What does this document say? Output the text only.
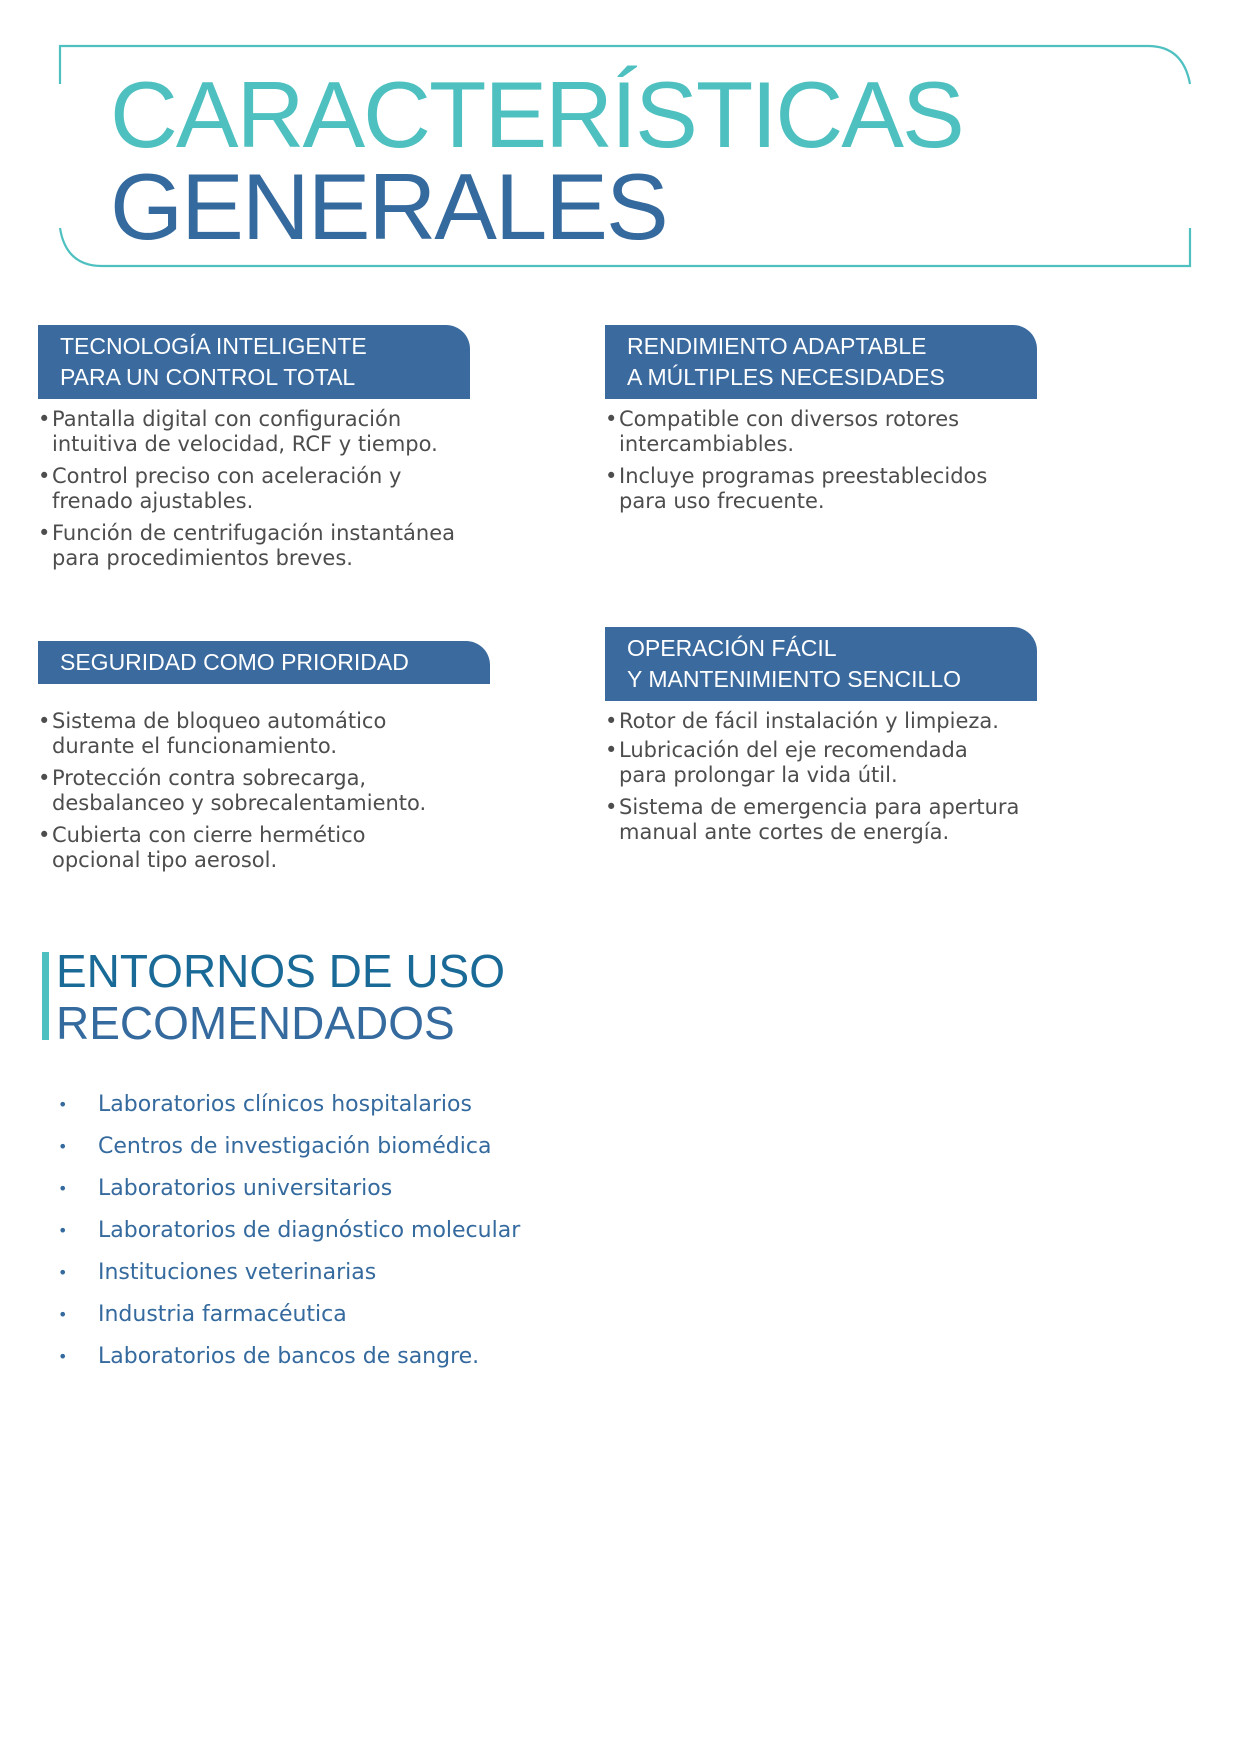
CARACTERÍSTICAS
GENERALES
TECNOLOGÍA INTELIGENTE
PARA UN CONTROL TOTAL
• Pantalla digital con configuración
intuitiva de velocidad, RCF y tiempo.
• Control preciso con aceleración y
frenado ajustables.
• Función de centrifugación instantánea
para procedimientos breves.
RENDIMIENTO ADAPTABLE
A MÚLTIPLES NECESIDADES
• Compatible con diversos rotores
intercambiables.
• Incluye programas preestablecidos
para uso frecuente.
SEGURIDAD COMO PRIORIDAD
• Sistema de bloqueo automático
durante el funcionamiento.
• Protección contra sobrecarga,
desbalanceo y sobrecalentamiento.
• Cubierta con cierre hermético
opcional tipo aerosol.
OPERACIÓN FÁCIL
Y MANTENIMIENTO SENCILLO
• Rotor de fácil instalación y limpieza.
• Lubricación del eje recomendada
para prolongar la vida útil.
• Sistema de emergencia para apertura
manual ante cortes de energía.
ENTORNOS DE USO
RECOMENDADOS
• Laboratorios clínicos hospitalarios
• Centros de investigación biomédica
• Laboratorios universitarios
• Laboratorios de diagnóstico molecular
• Instituciones veterinarias
• Industria farmacéutica
• Laboratorios de bancos de sangre.
